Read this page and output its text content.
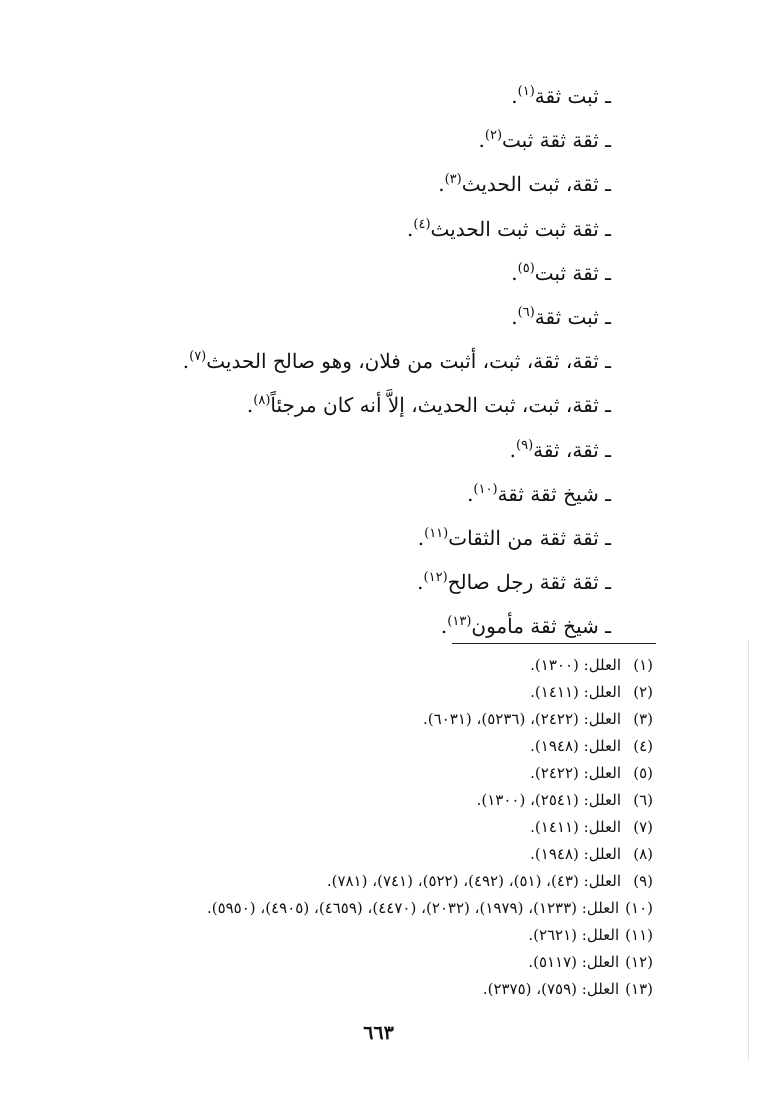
ـ ثبت ثقة$^{(١)}$.
ـ ثقة ثقة ثبت$^{(٢)}$.
ـ ثقة، ثبت الحديث$^{(٣)}$.
ـ ثقة ثبت ثبت الحديث$^{(٤)}$.
ـ ثقة ثبت$^{(٥)}$.
ـ ثبت ثقة$^{(٦)}$.
ـ ثقة، ثقة، ثبت، أثبت من فلان، وهو صالح الحديث$^{(٧)}$.
ـ ثقة، ثبت، ثبت الحديث، إلاَّ أنه كان مرجئاً$^{(٨)}$.
ـ ثقة، ثقة$^{(٩)}$.
ـ شيخ ثقة ثقة$^{(١٠)}$.
ـ ثقة ثقة من الثقات$^{(١١)}$.
ـ ثقة ثقة رجل صالح$^{(١٢)}$.
ـ شيخ ثقة مأمون$^{(١٣)}$.
(١)العلل: (١٣٠٠).
(٢)العلل: (١٤١١).
(٣)العلل: (٢٤٢٢)، (٥٢٣٦)، (٦٠٣١).
(٤)العلل: (١٩٤٨).
(٥)العلل: (٢٤٢٢).
(٦)العلل: (٢٥٤١)، (١٣٠٠).
(٧)العلل: (١٤١١).
(٨)العلل: (١٩٤٨).
(٩)العلل: (٤٣)، (٥١)، (٤٩٢)، (٥٢٢)، (٧٤١)، (٧٨١).
(١٠)العلل: (١٢٣٣)، (١٩٧٩)، (٢٠٣٢)، (٤٤٧٠)، (٤٦٥٩)، (٤٩٠٥)، (٥٩٥٠).
(١١)العلل: (٢٦٢١).
(١٢)العلل: (٥١١٧).
(١٣)العلل: (٧٥٩)، (٢٣٧٥).
٦٦٣
